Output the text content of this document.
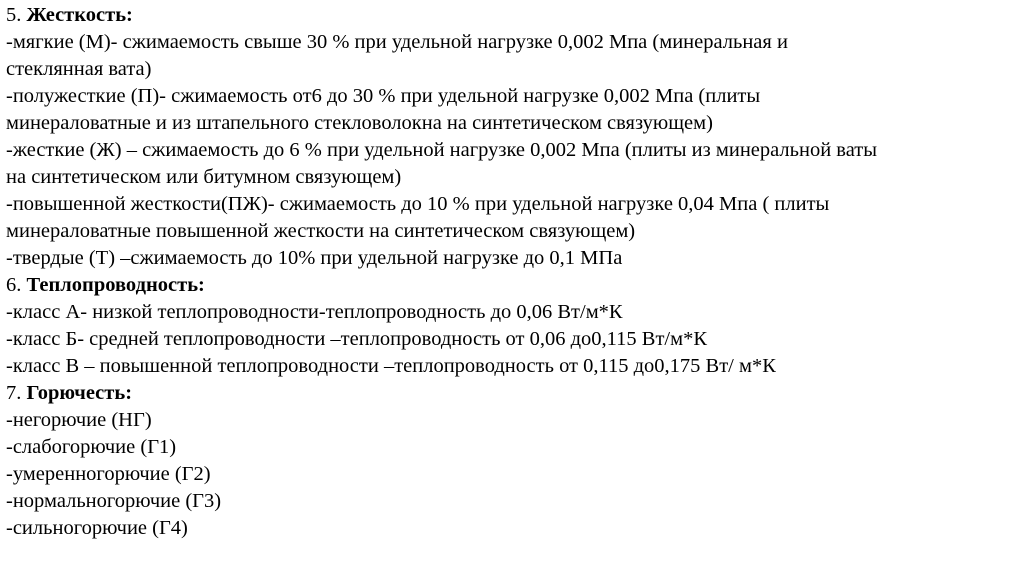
5. Жесткость:
-мягкие (М)- сжимаемость свыше 30 % при удельной нагрузке 0,002 Мпа (минеральная и
стеклянная вата)
-полужесткие (П)- сжимаемость от6 до 30 % при удельной нагрузке 0,002 Мпа (плиты
минераловатные и из штапельного стекловолокна на синтетическом связующем)
-жесткие (Ж) – сжимаемость до 6 % при удельной нагрузке 0,002 Мпа (плиты из минеральной ваты
на синтетическом или битумном связующем)
-повышенной жесткости(ПЖ)- сжимаемость до 10 % при удельной нагрузке 0,04 Мпа ( плиты
минераловатные повышенной жесткости на синтетическом связующем)
-твердые (Т) –сжимаемость до 10% при удельной нагрузке до 0,1 МПа
6. Теплопроводность:
-класс А- низкой теплопроводности-теплопроводность до 0,06 Вт/м*К
-класс Б- средней теплопроводности –теплопроводность от 0,06 до0,115 Вт/м*К
-класс В – повышенной теплопроводности –теплопроводность от 0,115 до0,175 Вт/ м*К
7. Горючесть:
-негорючие (НГ)
-слабогорючие (Г1)
-умеренногорючие (Г2)
-нормальногорючие (Г3)
-сильногорючие (Г4)
